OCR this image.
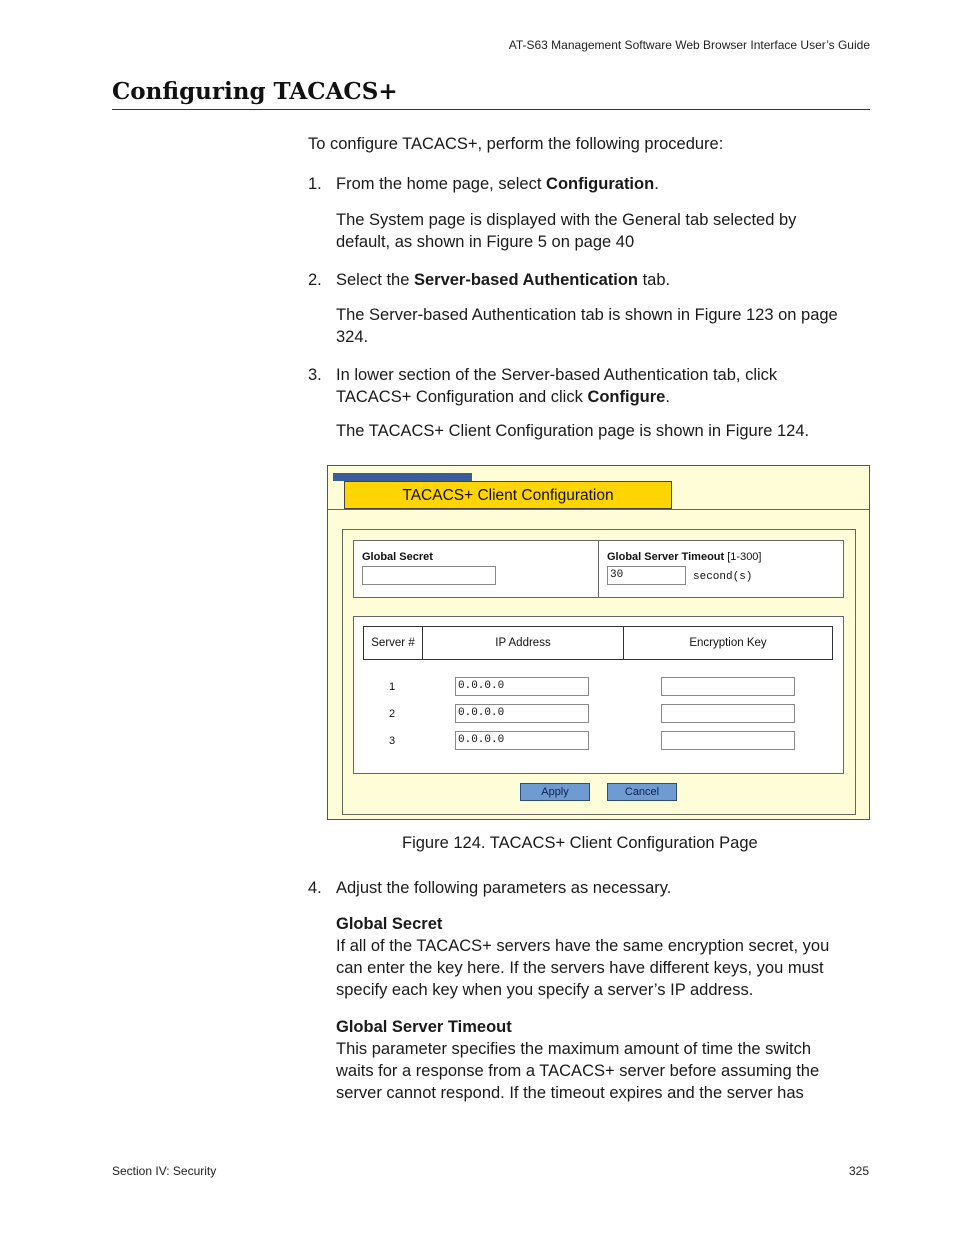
AT-S63 Management Software Web Browser Interface User’s Guide
Configuring TACACS+
To configure TACACS+, perform the following procedure:
1. From the home page, select Configuration.
The System page is displayed with the General tab selected by default, as shown in Figure 5 on page 40
2. Select the Server-based Authentication tab.
The Server-based Authentication tab is shown in Figure 123 on page 324.
3. In lower section of the Server-based Authentication tab, click TACACS+ Configuration and click Configure.
The TACACS+ Client Configuration page is shown in Figure 124.
TACACS+ Client Configuration
Global Secret	Global Server Timeout [1-300]
30	second(s)
Server #	IP Address	Encryption Key
1	0.0.0.0
2	0.0.0.0
3	0.0.0.0
Apply	Cancel
Figure 124. TACACS+ Client Configuration Page
4. Adjust the following parameters as necessary.
Global Secret
If all of the TACACS+ servers have the same encryption secret, you can enter the key here. If the servers have different keys, you must specify each key when you specify a server’s IP address.
Global Server Timeout
This parameter specifies the maximum amount of time the switch waits for a response from a TACACS+ server before assuming the server cannot respond. If the timeout expires and the server has
Section IV: Security	325
